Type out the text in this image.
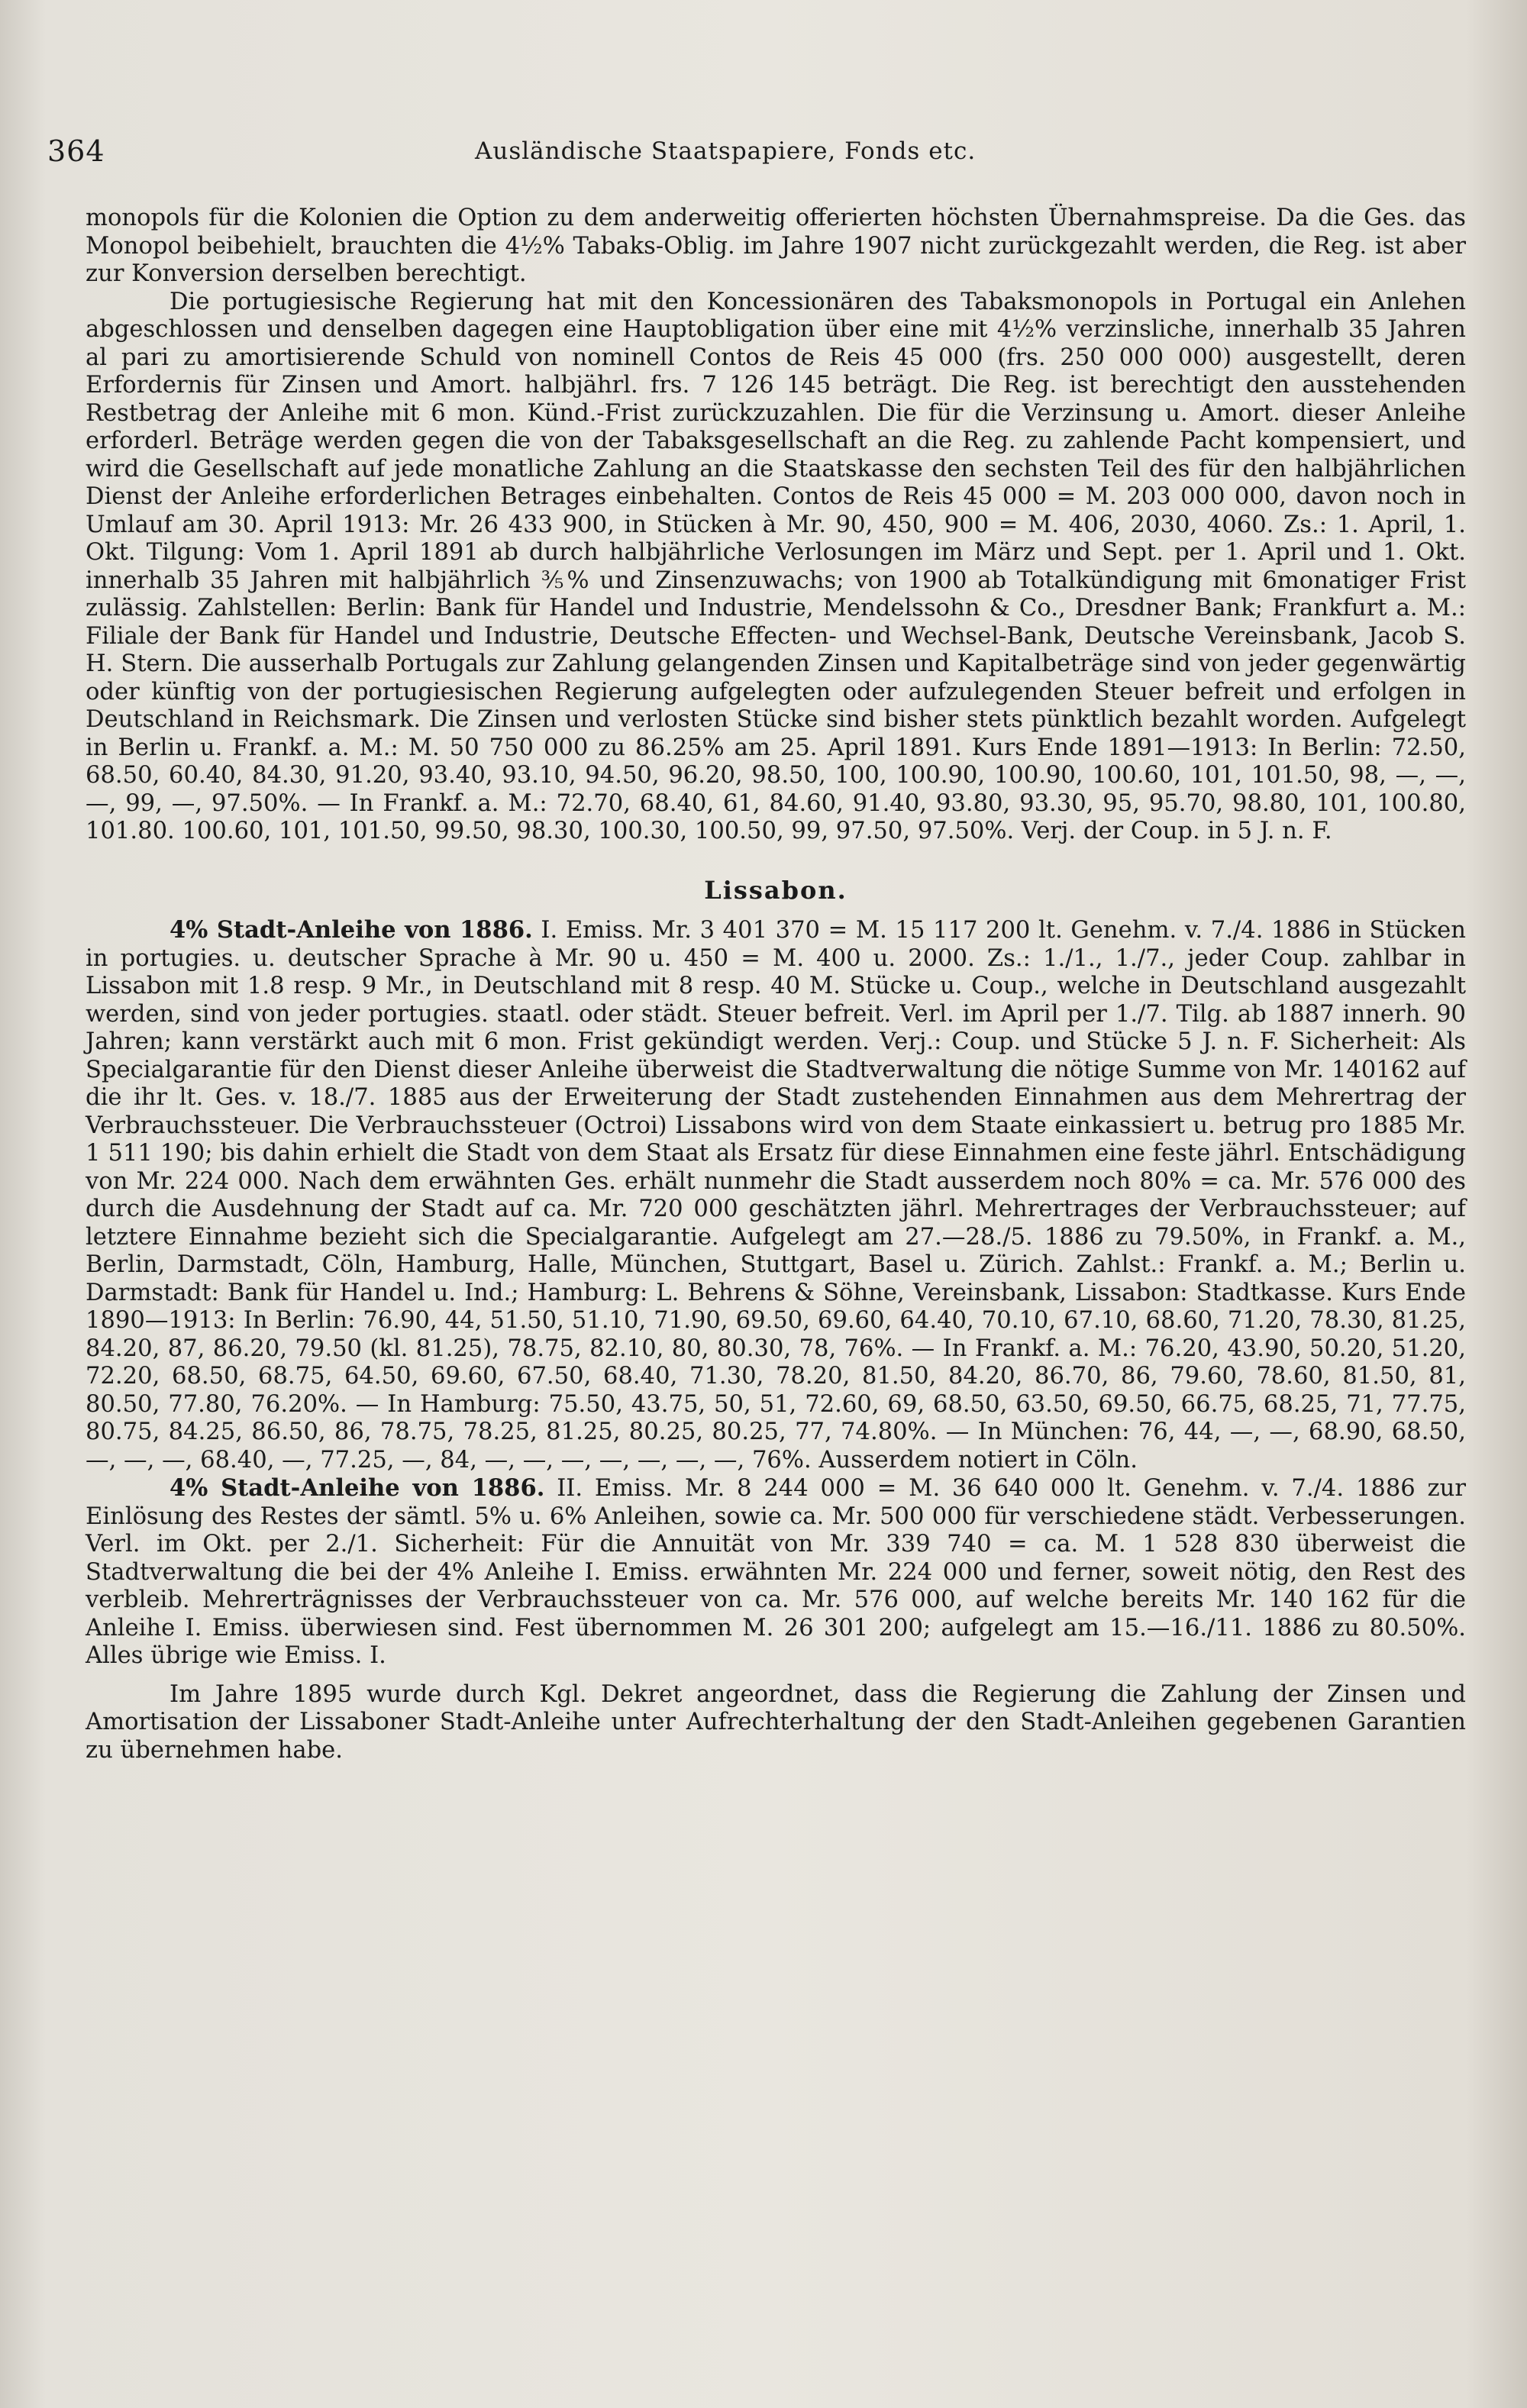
364	Ausländische Staatspapiere, Fonds etc.

monopols für die Kolonien die Option zu dem anderweitig offerierten höchsten Übernahmspreise. Da die Ges. das Monopol beibehielt, brauchten die 4½% Tabaks-Oblig. im Jahre 1907 nicht zurückgezahlt werden, die Reg. ist aber zur Konversion derselben berechtigt.

Die portugiesische Regierung hat mit den Koncessionären des Tabaksmonopols in Portugal ein Anlehen abgeschlossen und denselben dagegen eine Hauptobligation über eine mit 4½% verzinsliche, innerhalb 35 Jahren al pari zu amortisierende Schuld von nominell Contos de Reis 45 000 (frs. 250 000 000) ausgestellt, deren Erfordernis für Zinsen und Amort. halbjährl. frs. 7 126 145 beträgt. Die Reg. ist berechtigt den ausstehenden Restbetrag der Anleihe mit 6 mon. Künd.-Frist zurückzuzahlen. Die für die Verzinsung u. Amort. dieser Anleihe erforderl. Beträge werden gegen die von der Tabaksgesellschaft an die Reg. zu zahlende Pacht kompensiert, und wird die Gesellschaft auf jede monatliche Zahlung an die Staatskasse den sechsten Teil des für den halbjährlichen Dienst der Anleihe erforderlichen Betrages einbehalten. Contos de Reis 45 000 = M. 203 000 000, davon noch in Umlauf am 30. April 1913: Mr. 26 433 900, in Stücken à Mr. 90, 450, 900 = M. 406, 2030, 4060. Zs.: 1. April, 1. Okt. Tilgung: Vom 1. April 1891 ab durch halbjährliche Verlosungen im März und Sept. per 1. April und 1. Okt. innerhalb 35 Jahren mit halbjährlich ⅗% und Zinsenzuwachs; von 1900 ab Totalkündigung mit 6monatiger Frist zulässig. Zahlstellen: Berlin: Bank für Handel und Industrie, Mendelssohn & Co., Dresdner Bank; Frankfurt a. M.: Filiale der Bank für Handel und Industrie, Deutsche Effecten- und Wechsel-Bank, Deutsche Vereinsbank, Jacob S. H. Stern. Die ausserhalb Portugals zur Zahlung gelangenden Zinsen und Kapitalbeträge sind von jeder gegenwärtig oder künftig von der portugiesischen Regierung aufgelegten oder aufzulegenden Steuer befreit und erfolgen in Deutschland in Reichsmark. Die Zinsen und verlosten Stücke sind bisher stets pünktlich bezahlt worden. Aufgelegt in Berlin u. Frankf. a. M.: M. 50 750 000 zu 86.25% am 25. April 1891. Kurs Ende 1891—1913: In Berlin: 72.50, 68.50, 60.40, 84.30, 91.20, 93.40, 93.10, 94.50, 96.20, 98.50, 100, 100.90, 100.90, 100.60, 101, 101.50, 98, —, —, —, 99, —, 97.50%. — In Frankf. a. M.: 72.70, 68.40, 61, 84.60, 91.40, 93.80, 93.30, 95, 95.70, 98.80, 101, 100.80, 101.80. 100.60, 101, 101.50, 99.50, 98.30, 100.30, 100.50, 99, 97.50, 97.50%. Verj. der Coup. in 5 J. n. F.

Lissabon.

4% Stadt-Anleihe von 1886. I. Emiss. Mr. 3 401 370 = M. 15 117 200 lt. Genehm. v. 7./4. 1886 in Stücken in portugies. u. deutscher Sprache à Mr. 90 u. 450 = M. 400 u. 2000. Zs.: 1./1., 1./7., jeder Coup. zahlbar in Lissabon mit 1.8 resp. 9 Mr., in Deutschland mit 8 resp. 40 M. Stücke u. Coup., welche in Deutschland ausgezahlt werden, sind von jeder portugies. staatl. oder städt. Steuer befreit. Verl. im April per 1./7. Tilg. ab 1887 innerh. 90 Jahren; kann verstärkt auch mit 6 mon. Frist gekündigt werden. Verj.: Coup. und Stücke 5 J. n. F. Sicherheit: Als Specialgarantie für den Dienst dieser Anleihe überweist die Stadtverwaltung die nötige Summe von Mr. 140162 auf die ihr lt. Ges. v. 18./7. 1885 aus der Erweiterung der Stadt zustehenden Einnahmen aus dem Mehrertrag der Verbrauchssteuer. Die Verbrauchssteuer (Octroi) Lissabons wird von dem Staate einkassiert u. betrug pro 1885 Mr. 1 511 190; bis dahin erhielt die Stadt von dem Staat als Ersatz für diese Einnahmen eine feste jährl. Entschädigung von Mr. 224 000. Nach dem erwähnten Ges. erhält nunmehr die Stadt ausserdem noch 80% = ca. Mr. 576 000 des durch die Ausdehnung der Stadt auf ca. Mr. 720 000 geschätzten jährl. Mehrertrages der Verbrauchssteuer; auf letztere Einnahme bezieht sich die Specialgarantie. Aufgelegt am 27.—28./5. 1886 zu 79.50%, in Frankf. a. M., Berlin, Darmstadt, Cöln, Hamburg, Halle, München, Stuttgart, Basel u. Zürich. Zahlst.: Frankf. a. M.; Berlin u. Darmstadt: Bank für Handel u. Ind.; Hamburg: L. Behrens & Söhne, Vereinsbank, Lissabon: Stadtkasse. Kurs Ende 1890—1913: In Berlin: 76.90, 44, 51.50, 51.10, 71.90, 69.50, 69.60, 64.40, 70.10, 67.10, 68.60, 71.20, 78.30, 81.25, 84.20, 87, 86.20, 79.50 (kl. 81.25), 78.75, 82.10, 80, 80.30, 78, 76%. — In Frankf. a. M.: 76.20, 43.90, 50.20, 51.20, 72.20, 68.50, 68.75, 64.50, 69.60, 67.50, 68.40, 71.30, 78.20, 81.50, 84.20, 86.70, 86, 79.60, 78.60, 81.50, 81, 80.50, 77.80, 76.20%. — In Hamburg: 75.50, 43.75, 50, 51, 72.60, 69, 68.50, 63.50, 69.50, 66.75, 68.25, 71, 77.75, 80.75, 84.25, 86.50, 86, 78.75, 78.25, 81.25, 80.25, 80.25, 77, 74.80%. — In München: 76, 44, —, —, 68.90, 68.50, —, —, —, 68.40, —, 77.25, —, 84, —, —, —, —, —, —, —, 76%. Ausserdem notiert in Cöln.

4% Stadt-Anleihe von 1886. II. Emiss. Mr. 8 244 000 = M. 36 640 000 lt. Genehm. v. 7./4. 1886 zur Einlösung des Restes der sämtl. 5% u. 6% Anleihen, sowie ca. Mr. 500 000 für verschiedene städt. Verbesserungen. Verl. im Okt. per 2./1. Sicherheit: Für die Annuität von Mr. 339 740 = ca. M. 1 528 830 überweist die Stadtverwaltung die bei der 4% Anleihe I. Emiss. erwähnten Mr. 224 000 und ferner, soweit nötig, den Rest des verbleib. Mehrerträgnisses der Verbrauchssteuer von ca. Mr. 576 000, auf welche bereits Mr. 140 162 für die Anleihe I. Emiss. überwiesen sind. Fest übernommen M. 26 301 200; aufgelegt am 15.—16./11. 1886 zu 80.50%. Alles übrige wie Emiss. I.

Im Jahre 1895 wurde durch Kgl. Dekret angeordnet, dass die Regierung die Zahlung der Zinsen und Amortisation der Lissaboner Stadt-Anleihe unter Aufrechterhaltung der den Stadt-Anleihen gegebenen Garantien zu übernehmen habe.
